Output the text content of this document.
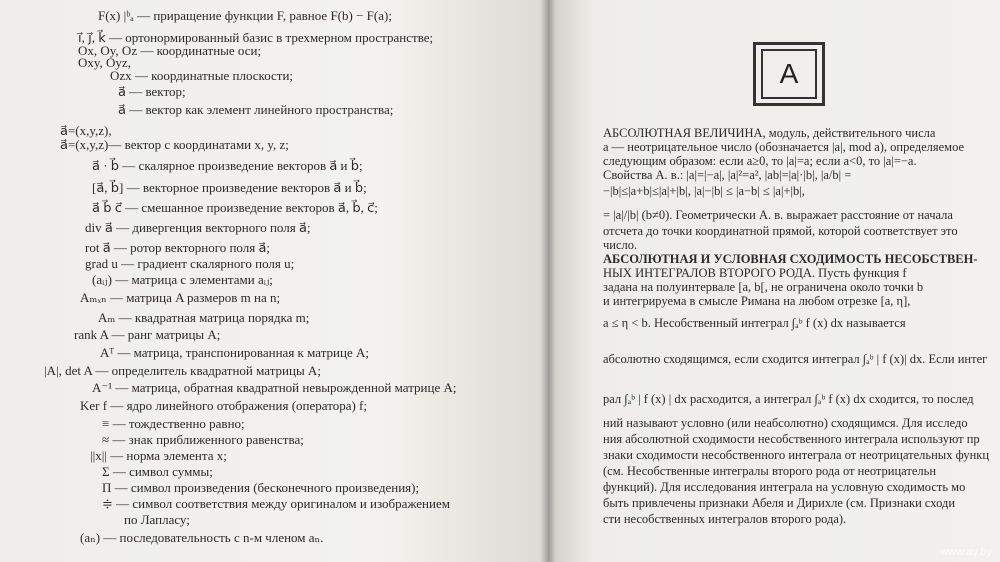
F(x) |ᵇₐ — приращение функции F, равное F(b) − F(a);
i⃗, j⃗, k⃗ — ортонормированный базис в трехмерном пространстве;
Ox, Oy, Oz — координатные оси;
Oxy, Oyz,
Ozx — координатные плоскости;
a⃗ — вектор;
a⃗ — вектор как элемент линейного пространства;
a⃗=(x,y,z),
a⃗=(x,y,z)— вектор с координатами x, y, z;
a⃗ · b⃗ — скалярное произведение векторов a⃗ и b⃗;
[a⃗, b⃗] — векторное произведение векторов a⃗ и b⃗;
a⃗ b⃗ c⃗ — смешанное произведение векторов a⃗, b⃗, c⃗;
div a⃗ — дивергенция векторного поля a⃗;
rot a⃗ — ротор векторного поля a⃗;
grad u — градиент скалярного поля u;
(aᵢⱼ) — матрица с элементами aᵢⱼ;
Aₘₓₙ — матрица A размеров m на n;
Aₘ — квадратная матрица порядка m;
rank A — ранг матрицы A;
Aᵀ — матрица, транспонированная к матрице A;
|A|, det A — определитель квадратной матрицы A;
A⁻¹ — матрица, обратная квадратной невырожденной матрице A;
Ker f — ядро линейного отображения (оператора) f;
≡ — тождественно равно;
≈ — знак приближенного равенства;
||x|| — норма элемента x;
Σ — символ суммы;
Π — символ произведения (бесконечного произведения);
≑ — символ соответствия между оригиналом и изображением
по Лапласу;
(aₙ) — последовательность с n-м членом aₙ.
А
АБСОЛЮТНАЯ ВЕЛИЧИНА, модуль, действительного числа
a — неотрицательное число (обозначается |a|, mod a), определяемое
следующим образом: если a≥0, то |a|=a; если a<0, то |a|=−a.
Свойства А. в.: |a|=|−a|, |a|²=a², |ab|=|a|·|b|, |a/b| =
−|b|≤|a+b|≤|a|+|b|, |a|−|b| ≤ |a−b| ≤ |a|+|b|,
= |a|/|b| (b≠0). Геометрически А. в. выражает расстояние от начала
отсчета до точки координатной прямой, которой соответствует это
число.
АБСОЛЮТНАЯ И УСЛОВНАЯ СХОДИМОСТЬ НЕСОБСТВЕН-
НЫХ ИНТЕГРАЛОВ ВТОРОГО РОДА. Пусть функция f
задана на полуинтервале [a, b[, не ограничена около точки b
и интегрируема в смысле Римана на любом отрезке [a, η],
a ≤ η < b. Несобственный интеграл ∫ₐᵇ f (x) dx называется
абсолютно сходящимся, если сходится интеграл ∫ₐᵇ | f (x)| dx. Если интег
рал ∫ₐᵇ | f (x) | dx расходится, а интеграл ∫ₐᵇ f (x) dx сходится, то послед
ний называют условно (или неабсолютно) сходящимся. Для исследо
ния абсолютной сходимости несобственного интеграла используют пр
знаки сходимости несобственного интеграла от неотрицательных функц
(см. Несобственные интегралы второго рода от неотрицательн
функций). Для исследования интеграла на условную сходимость мо
быть привлечены признаки Абеля и Дирихле (см. Признаки сходи
сти несобственных интегралов второго рода).
www.ay.by
